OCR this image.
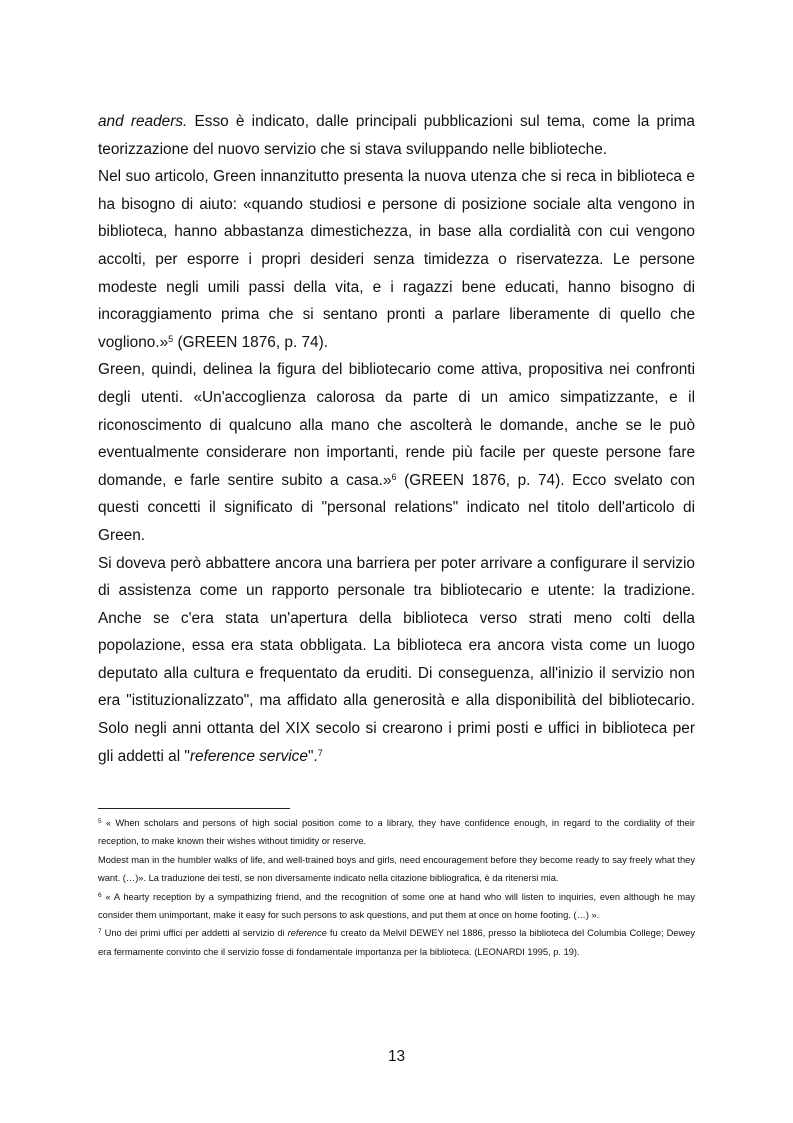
and readers. Esso è indicato, dalle principali pubblicazioni sul tema, come la prima teorizzazione del nuovo servizio che si stava sviluppando nelle biblioteche.

Nel suo articolo, Green innanzitutto presenta la nuova utenza che si reca in biblioteca e ha bisogno di aiuto: «quando studiosi e persone di posizione sociale alta vengono in biblioteca, hanno abbastanza dimestichezza, in base alla cordialità con cui vengono accolti, per esporre i propri desideri senza timidezza o riservatezza. Le persone modeste negli umili passi della vita, e i ragazzi bene educati, hanno bisogno di incoraggiamento prima che si sentano pronti a parlare liberamente di quello che vogliono.»$^5$ (GREEN 1876, p. 74).

Green, quindi, delinea la figura del bibliotecario come attiva, propositiva nei confronti degli utenti. «Un'accoglienza calorosa da parte di un amico simpatizzante, e il riconoscimento di qualcuno alla mano che ascolterà le domande, anche se le può eventualmente considerare non importanti, rende più facile per queste persone fare domande, e farle sentire subito a casa.»$^6$ (GREEN 1876, p. 74). Ecco svelato con questi concetti il significato di "personal relations" indicato nel titolo dell'articolo di Green.

Si doveva però abbattere ancora una barriera per poter arrivare a configurare il servizio di assistenza come un rapporto personale tra bibliotecario e utente: la tradizione. Anche se c'era stata un'apertura della biblioteca verso strati meno colti della popolazione, essa era stata obbligata. La biblioteca era ancora vista come un luogo deputato alla cultura e frequentato da eruditi. Di conseguenza, all'inizio il servizio non era "istituzionalizzato", ma affidato alla generosità e alla disponibilità del bibliotecario. Solo negli anni ottanta del XIX secolo si crearono i primi posti e uffici in biblioteca per gli addetti al "reference service".$^7$

$^5$ « When scholars and persons of high social position come to a library, they have confidence enough, in regard to the cordiality of their reception, to make known their wishes without timidity or reserve.

Modest man in the humbler walks of life, and well-trained boys and girls, need encouragement before they become ready to say freely what they want. (…)». La traduzione dei testi, se non diversamente indicato nella citazione bibliografica, è da ritenersi mia.

$^6$ « A hearty reception by a sympathizing friend, and the recognition of some one at hand who will listen to inquiries, even although he may consider them unimportant, make it easy for such persons to ask questions, and put them at once on home footing. (…) ».

$^7$ Uno dei primi uffici per addetti al servizio di reference fu creato da Melvil DEWEY nel 1886, presso la biblioteca del Columbia College; Dewey era fermamente convinto che il servizio fosse di fondamentale importanza per la biblioteca. (LEONARDI 1995, p. 19).

13
